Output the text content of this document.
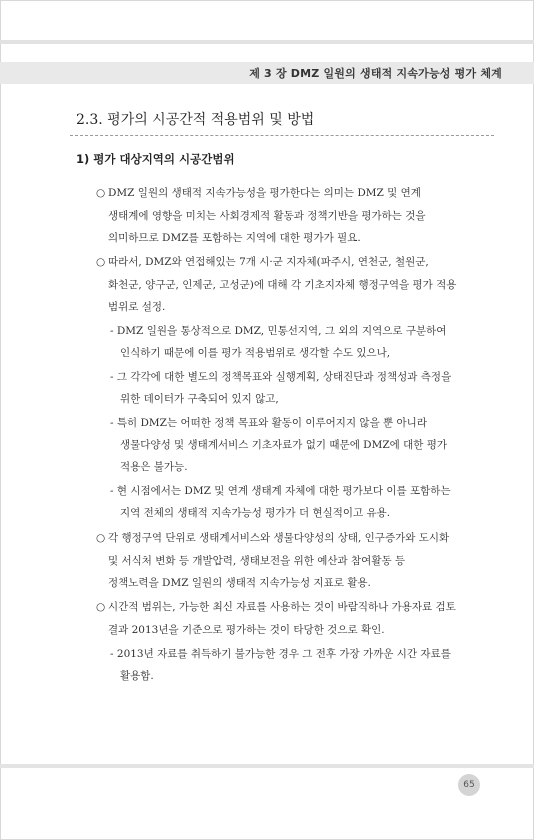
제 3 장 DMZ 일원의 생태적 지속가능성 평가 체계
2.3. 평가의 시공간적 적용범위 및 방법
1) 평가 대상지역의 시공간범위
○ DMZ 일원의 생태적 지속가능성을 평가한다는 의미는 DMZ 및 연계
생태계에 영향을 미치는 사회경제적 활동과 정책기반을 평가하는 것을
의미하므로 DMZ를 포함하는 지역에 대한 평가가 필요.
○ 따라서, DMZ와 연접해있는 7개 시·군 지자체(파주시, 연천군, 철원군,
화천군, 양구군, 인제군, 고성군)에 대해 각 기초지자체 행정구역을 평가 적용
범위로 설정.
- DMZ 일원을 통상적으로 DMZ, 민통선지역, 그 외의 지역으로 구분하여
인식하기 때문에 이를 평가 적용범위로 생각할 수도 있으나,
- 그 각각에 대한 별도의 정책목표와 실행계획, 상태진단과 정책성과 측정을
위한 데이터가 구축되어 있지 않고,
- 특히 DMZ는 어떠한 정책 목표와 활동이 이루어지지 않을 뿐 아니라
생물다양성 및 생태계서비스 기초자료가 없기 때문에 DMZ에 대한 평가
적용은 불가능.
- 현 시점에서는 DMZ 및 연계 생태계 자체에 대한 평가보다 이를 포함하는
지역 전체의 생태적 지속가능성 평가가 더 현실적이고 유용.
○ 각 행정구역 단위로 생태계서비스와 생물다양성의 상태, 인구증가와 도시화
및 서식처 변화 등 개발압력, 생태보전을 위한 예산과 참여활동 등
정책노력을 DMZ 일원의 생태적 지속가능성 지표로 활용.
○ 시간적 범위는, 가능한 최신 자료를 사용하는 것이 바람직하나 가용자료 검토
결과 2013년을 기준으로 평가하는 것이 타당한 것으로 확인.
- 2013년 자료를 취득하기 불가능한 경우 그 전후 가장 가까운 시간 자료를
활용함.
65
